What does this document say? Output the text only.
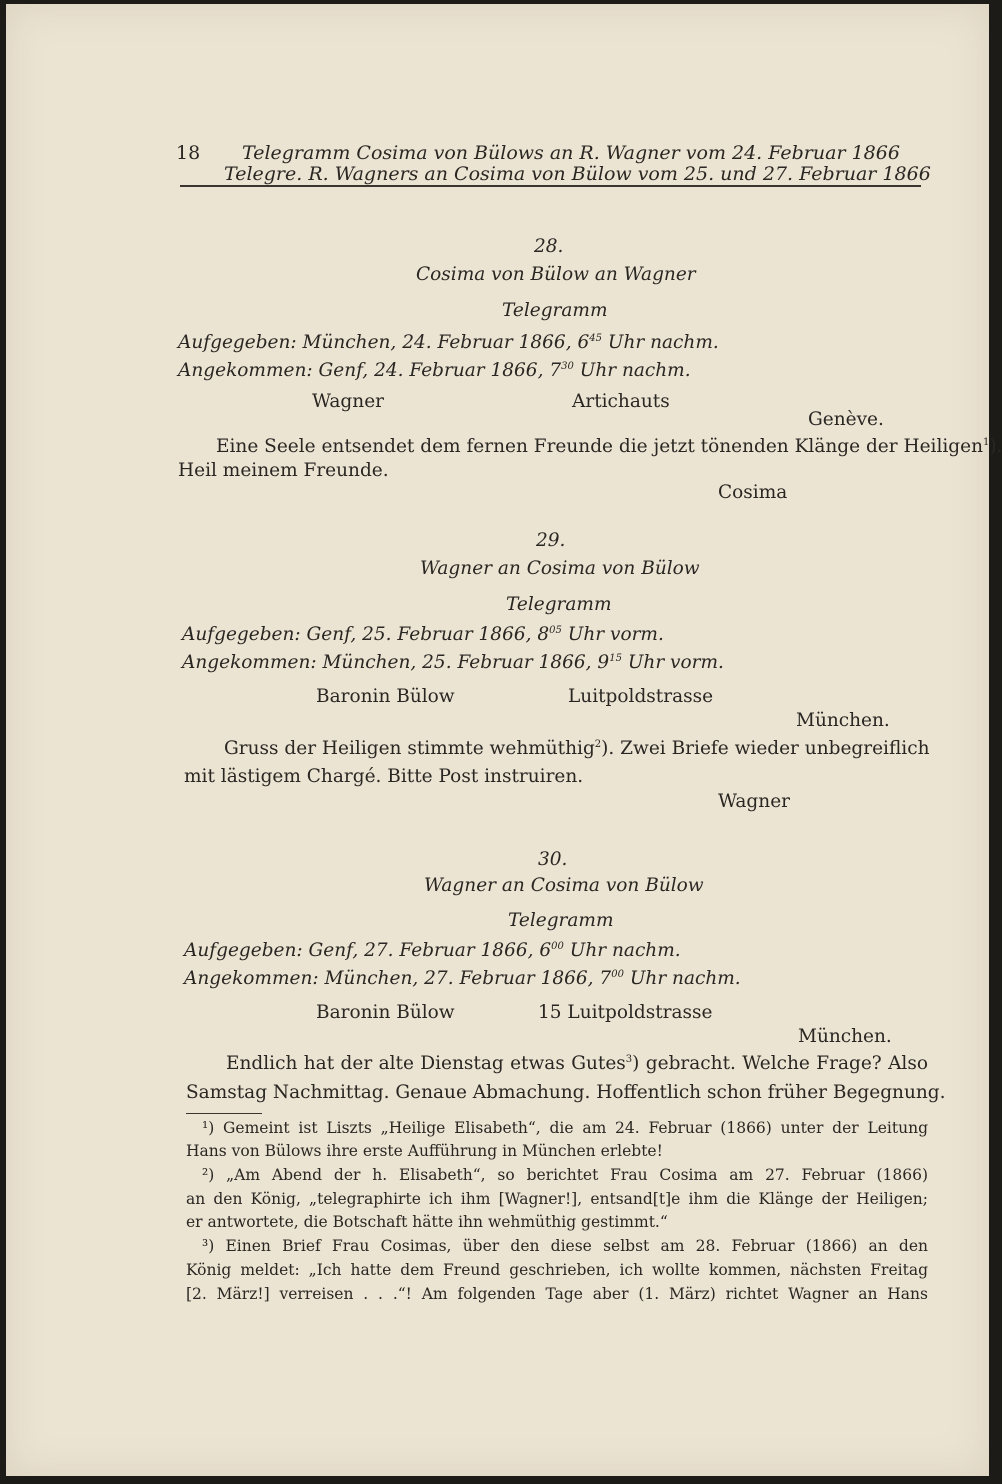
18 Telegramm Cosima von Bülows an R. Wagner vom 24. Februar 1866
Telegre. R. Wagners an Cosima von Bülow vom 25. und 27. Februar 1866
28.
Cosima von Bülow an Wagner
Telegramm
Aufgegeben: München, 24. Februar 1866, $6^{45}$ Uhr nachm.
Angekommen: Genf, 24. Februar 1866, $7^{30}$ Uhr nachm.
Wagner	Artichauts
Genève.
Eine Seele entsendet dem fernen Freunde die jetzt tönenden Klänge der Heiligen$^1$).
Heil meinem Freunde.
Cosima
29.
Wagner an Cosima von Bülow
Telegramm
Aufgegeben: Genf, 25. Februar 1866, $8^{05}$ Uhr vorm.
Angekommen: München, 25. Februar 1866, $9^{15}$ Uhr vorm.
Baronin Bülow	Luitpoldstrasse
München.
Gruss der Heiligen stimmte wehmüthig$^2$). Zwei Briefe wieder unbegreiflich
mit lästigem Chargé. Bitte Post instruiren.
Wagner
30.
Wagner an Cosima von Bülow
Telegramm
Aufgegeben: Genf, 27. Februar 1866, $6^{00}$ Uhr nachm.
Angekommen: München, 27. Februar 1866, $7^{00}$ Uhr nachm.
Baronin Bülow	15 Luitpoldstrasse
München.
Endlich hat der alte Dienstag etwas Gutes$^3$) gebracht. Welche Frage? Also
Samstag Nachmittag. Genaue Abmachung. Hoffentlich schon früher Begegnung.
¹) Gemeint ist Liszts „Heilige Elisabeth“, die am 24. Februar (1866) unter der Leitung
Hans von Bülows ihre erste Aufführung in München erlebte!
²) „Am Abend der h. Elisabeth“, so berichtet Frau Cosima am 27. Februar (1866)
an den König, „telegraphirte ich ihm [Wagner!], entsand[t]e ihm die Klänge der Heiligen;
er antwortete, die Botschaft hätte ihn wehmüthig gestimmt.“
³) Einen Brief Frau Cosimas, über den diese selbst am 28. Februar (1866) an den
König meldet: „Ich hatte dem Freund geschrieben, ich wollte kommen, nächsten Freitag
[2. März!] verreisen . . .“! Am folgenden Tage aber (1. März) richtet Wagner an Hans
